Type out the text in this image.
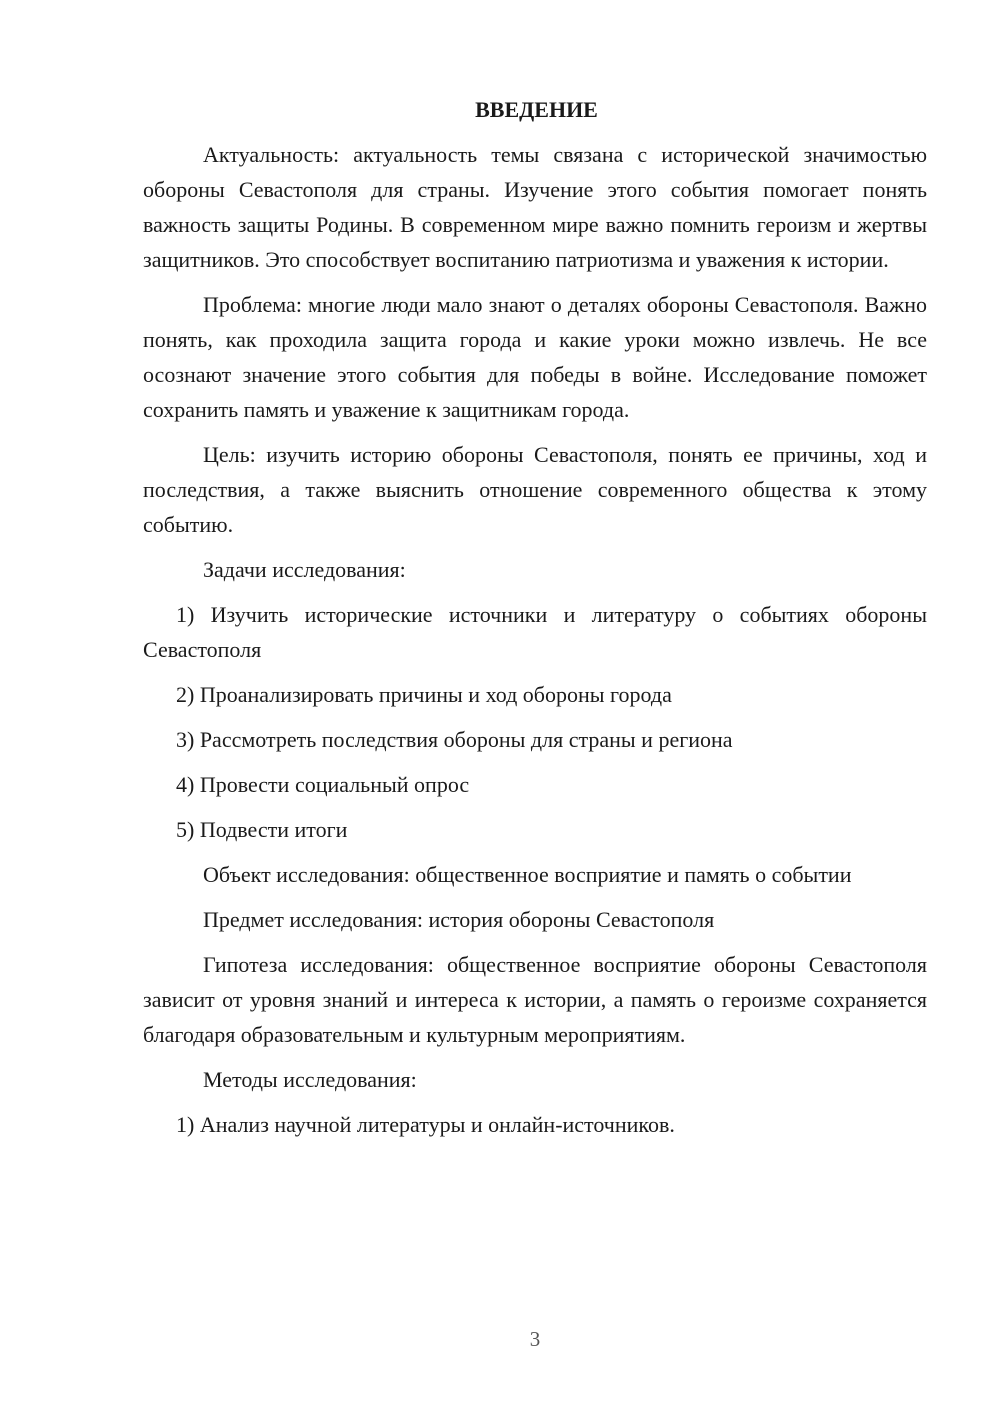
ВВЕДЕНИЕ

Актуальность: актуальность темы связана с исторической значимостью обороны Севастополя для страны. Изучение этого события помогает понять важность защиты Родины. В современном мире важно помнить героизм и жертвы защитников. Это способствует воспитанию патриотизма и уважения к истории.

Проблема: многие люди мало знают о деталях обороны Севастополя. Важно понять, как проходила защита города и какие уроки можно извлечь. Не все осознают значение этого события для победы в войне. Исследование поможет сохранить память и уважение к защитникам города.

Цель: изучить историю обороны Севастополя, понять ее причины, ход и последствия, а также выяснить отношение современного общества к этому событию.

Задачи исследования:

1) Изучить исторические источники и литературу о событиях обороны Севастополя

2) Проанализировать причины и ход обороны города

3) Рассмотреть последствия обороны для страны и региона

4) Провести социальный опрос

5) Подвести итоги

Объект исследования: общественное восприятие и память о событии

Предмет исследования: история обороны Севастополя

Гипотеза исследования: общественное восприятие обороны Севастополя зависит от уровня знаний и интереса к истории, а память о героизме сохраняется благодаря образовательным и культурным мероприятиям.

Методы исследования:

1) Анализ научной литературы и онлайн-источников.

3
